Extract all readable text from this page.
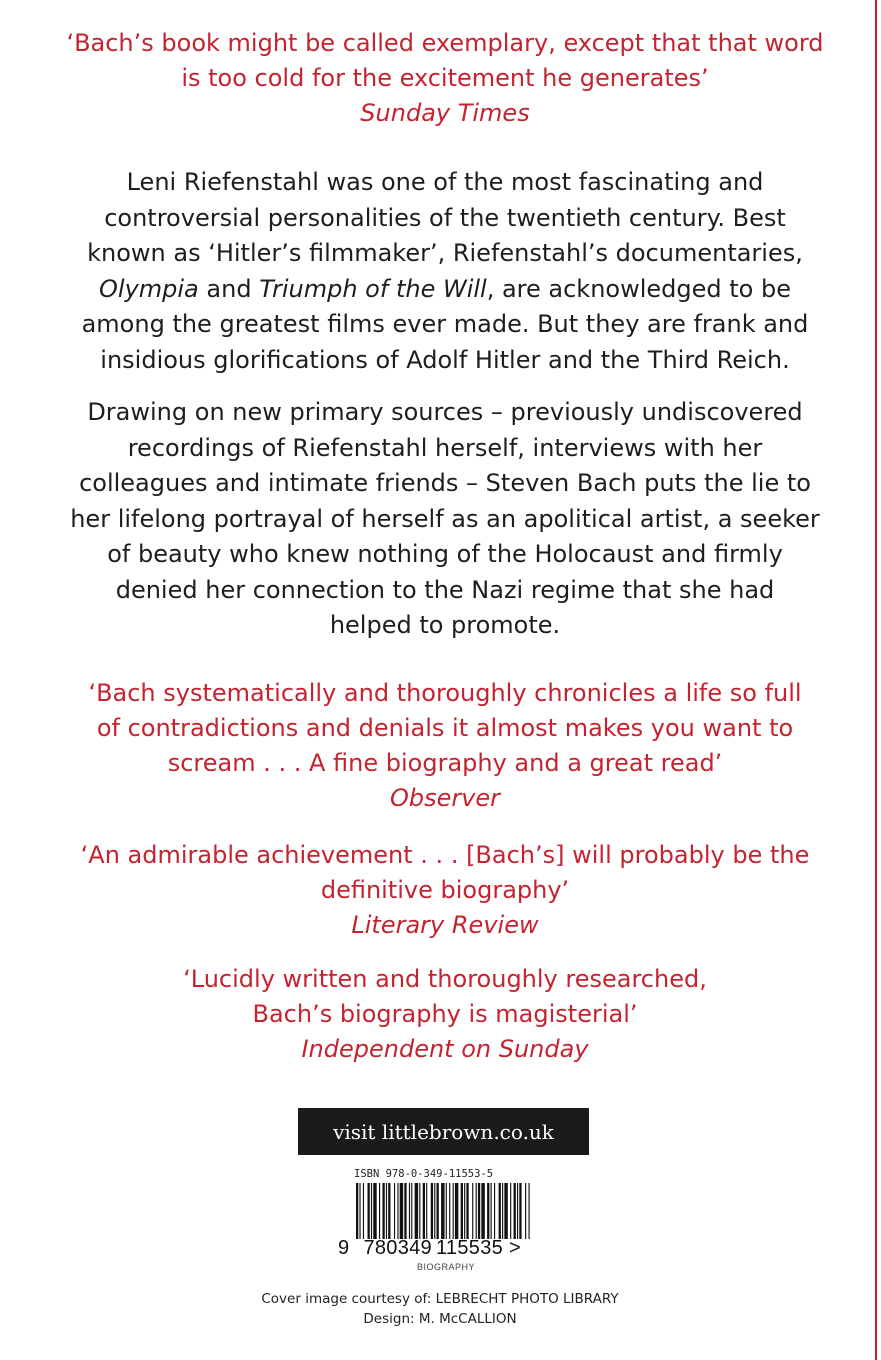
‘Bach’s book might be called exemplary, except that that word
is too cold for the excitement he generates’
Sunday Times
Leni Riefenstahl was one of the most fascinating and
controversial personalities of the twentieth century. Best
known as ‘Hitler’s filmmaker’, Riefenstahl’s documentaries,
Olympia and Triumph of the Will, are acknowledged to be
among the greatest films ever made. But they are frank and
insidious glorifications of Adolf Hitler and the Third Reich.
Drawing on new primary sources – previously undiscovered
recordings of Riefenstahl herself, interviews with her
colleagues and intimate friends – Steven Bach puts the lie to
her lifelong portrayal of herself as an apolitical artist, a seeker
of beauty who knew nothing of the Holocaust and firmly
denied her connection to the Nazi regime that she had
helped to promote.
‘Bach systematically and thoroughly chronicles a life so full
of contradictions and denials it almost makes you want to
scream . . . A fine biography and a great read’
Observer
‘An admirable achievement . . . [Bach’s] will probably be the
definitive biography’
Literary Review
‘Lucidly written and thoroughly researched,
Bach’s biography is magisterial’
Independent on Sunday
visit littlebrown.co.uk
ISBN 978-0-349-11553-5
9 780349 115535 >
BIOGRAPHY
Cover image courtesy of: LEBRECHT PHOTO LIBRARY
Design: M. McCALLION
